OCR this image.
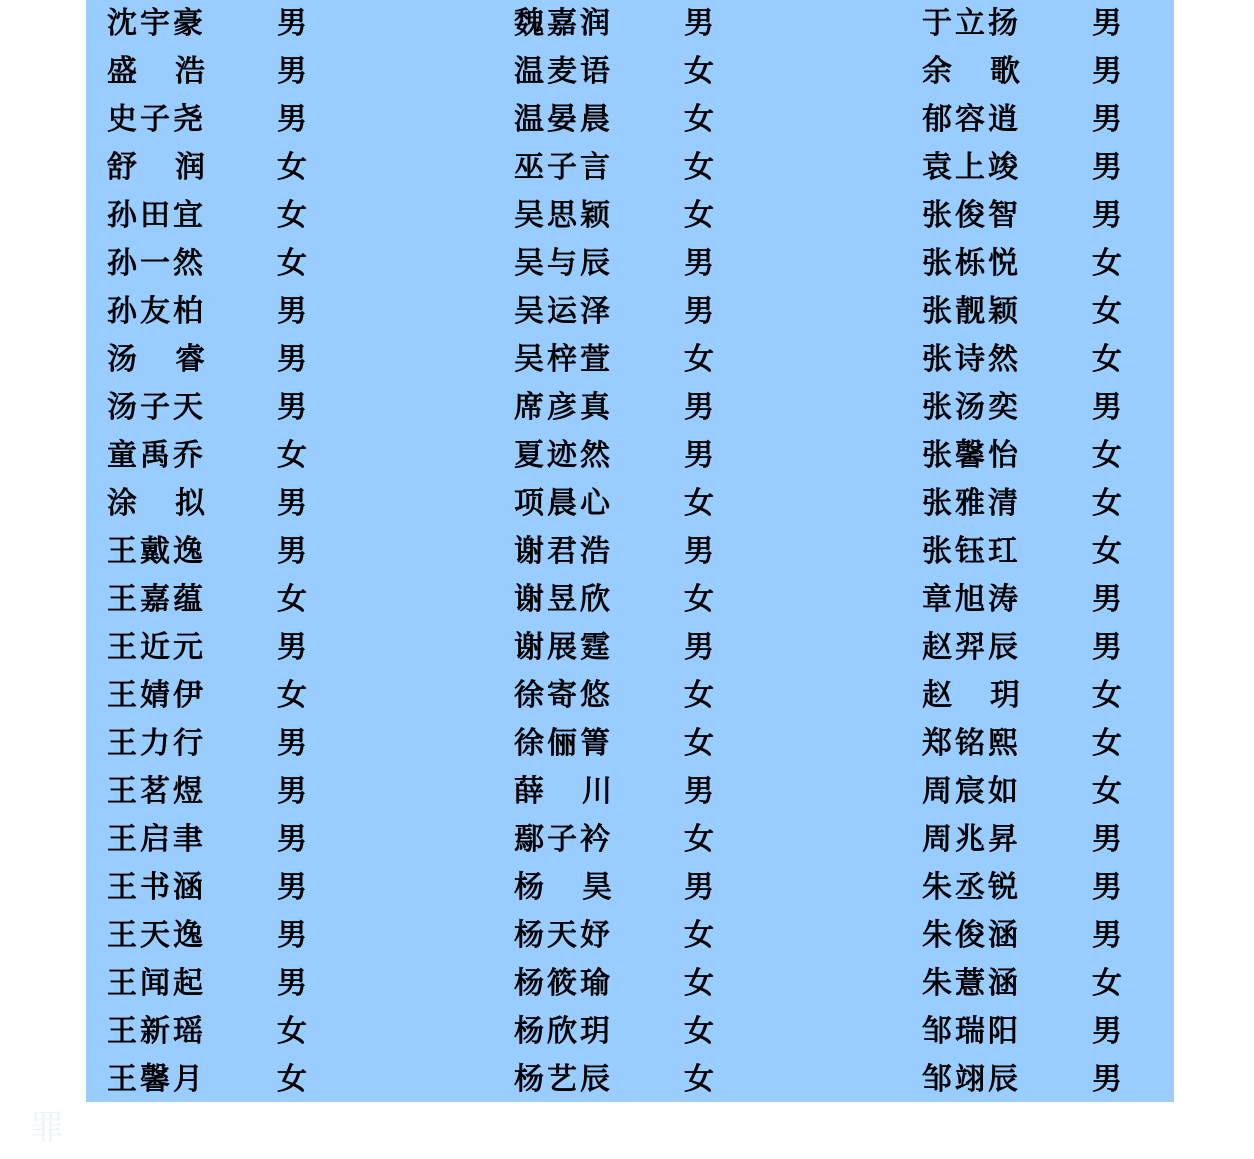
沈宇豪 男
盛浩 男
史子尧 男
舒润 女
孙田宜 女
孙一然 女
孙友柏 男
汤睿 男
汤子天 男
童禹乔 女
涂拟 男
王戴逸 男
王嘉蕴 女
王近元 男
王婧伊 女
王力行 男
王茗煜 男
王启聿 男
王书涵 男
王天逸 男
王闻起 男
王新瑶 女
王馨月 女
魏嘉润 男
温麦语 女
温晏晨 女
巫子言 女
吴思颖 女
吴与辰 男
吴运泽 男
吴梓萱 女
席彦真 男
夏迹然 男
项晨心 女
谢君浩 男
谢昱欣 女
谢展霆 男
徐寄悠 女
徐俪箐 女
薛川 男
鄢子衿 女
杨昊 男
杨天妤 女
杨筱瑜 女
杨欣玥 女
杨艺辰 女
于立扬 男
余歌 男
郁容逍 男
袁上竣 男
张俊智 男
张栎悦 女
张靓颖 女
张诗然 女
张汤奕 男
张馨怡 女
张雅清 女
张钰玒 女
章旭涛 男
赵羿辰 男
赵玥 女
郑铭熙 女
周宸如 女
周兆昇 男
朱丞锐 男
朱俊涵 男
朱薏涵 女
邹瑞阳 男
邹翊辰 男
罪
